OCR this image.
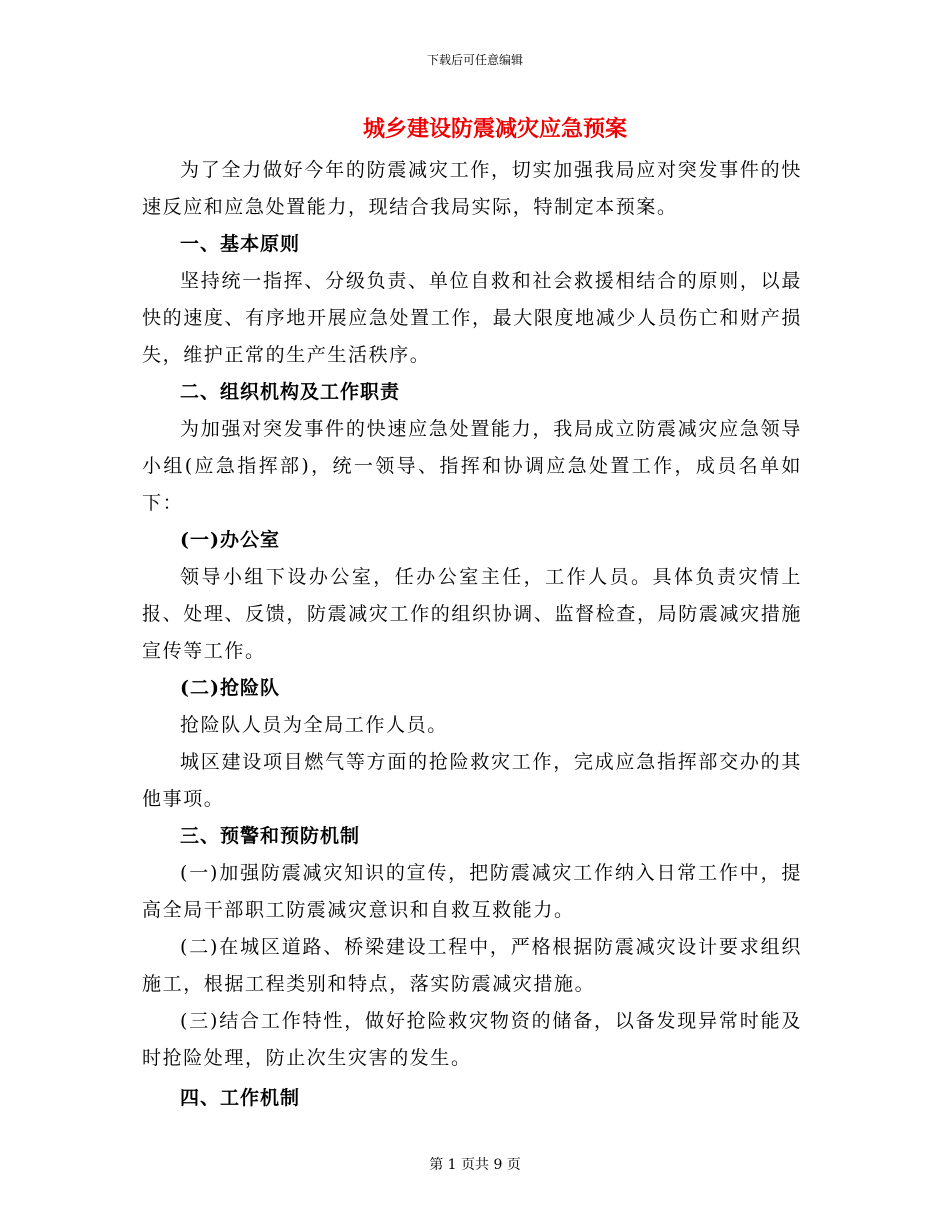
下载后可任意编辑
城乡建设防震减灾应急预案

为了全力做好今年的防震减灾工作，切实加强我局应对突发事件的快速反应和应急处置能力，现结合我局实际，特制定本预案。

一、基本原则

坚持统一指挥、分级负责、单位自救和社会救援相结合的原则，以最快的速度、有序地开展应急处置工作，最大限度地减少人员伤亡和财产损失，维护正常的生产生活秩序。

二、组织机构及工作职责

为加强对突发事件的快速应急处置能力，我局成立防震减灾应急领导小组(应急指挥部)，统一领导、指挥和协调应急处置工作，成员名单如下：

(一)办公室

领导小组下设办公室，任办公室主任，工作人员。具体负责灾情上报、处理、反馈，防震减灾工作的组织协调、监督检查，局防震减灾措施宣传等工作。

(二)抢险队

抢险队人员为全局工作人员。

城区建设项目燃气等方面的抢险救灾工作，完成应急指挥部交办的其他事项。

三、预警和预防机制

(一)加强防震减灾知识的宣传，把防震减灾工作纳入日常工作中，提高全局干部职工防震减灾意识和自救互救能力。

(二)在城区道路、桥梁建设工程中，严格根据防震减灾设计要求组织施工，根据工程类别和特点，落实防震减灾措施。

(三)结合工作特性，做好抢险救灾物资的储备，以备发现异常时能及时抢险处理，防止次生灾害的发生。

四、工作机制

第 1 页共 9 页
